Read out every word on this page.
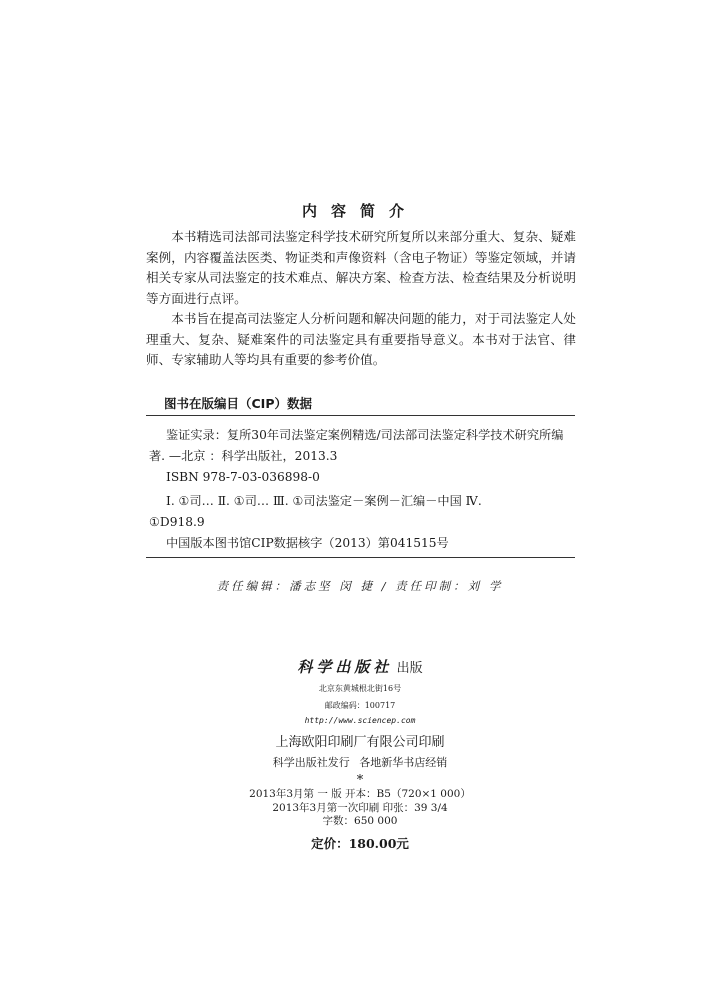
内容简介

本书精选司法部司法鉴定科学技术研究所复所以来部分重大、复杂、疑难案例，内容覆盖法医类、物证类和声像资料（含电子物证）等鉴定领域，并请相关专家从司法鉴定的技术难点、解决方案、检查方法、检查结果及分析说明等方面进行点评。

本书旨在提高司法鉴定人分析问题和解决问题的能力，对于司法鉴定人处理重大、复杂、疑难案件的司法鉴定具有重要指导意义。本书对于法官、律师、专家辅助人等均具有重要的参考价值。

图书在版编目（CIP）数据
鉴证实录：复所30年司法鉴定案例精选/司法部司法鉴定科学技术研究所编著. —北京 ：科学出版社，2013.3
ISBN 978-7-03-036898-0
Ⅰ. ①司… Ⅱ. ①司… Ⅲ. ①司法鉴定－案例－汇编－中国 Ⅳ.
①D918.9
中国版本图书馆CIP数据核字（2013）第041515号
责任编辑：潘志坚 闵 捷 / 责任印制：刘 学
科学出版社 出版
北京东黄城根北街16号
邮政编码：100717
http://www.sciencep.com
上海欧阳印刷厂有限公司印刷
科学出版社发行 各地新华书店经销
*
2013年3月第 一 版 开本：B5（720×1 000）
2013年3月第一次印刷 印张：39 3/4
字数：650 000
定价：180.00元
